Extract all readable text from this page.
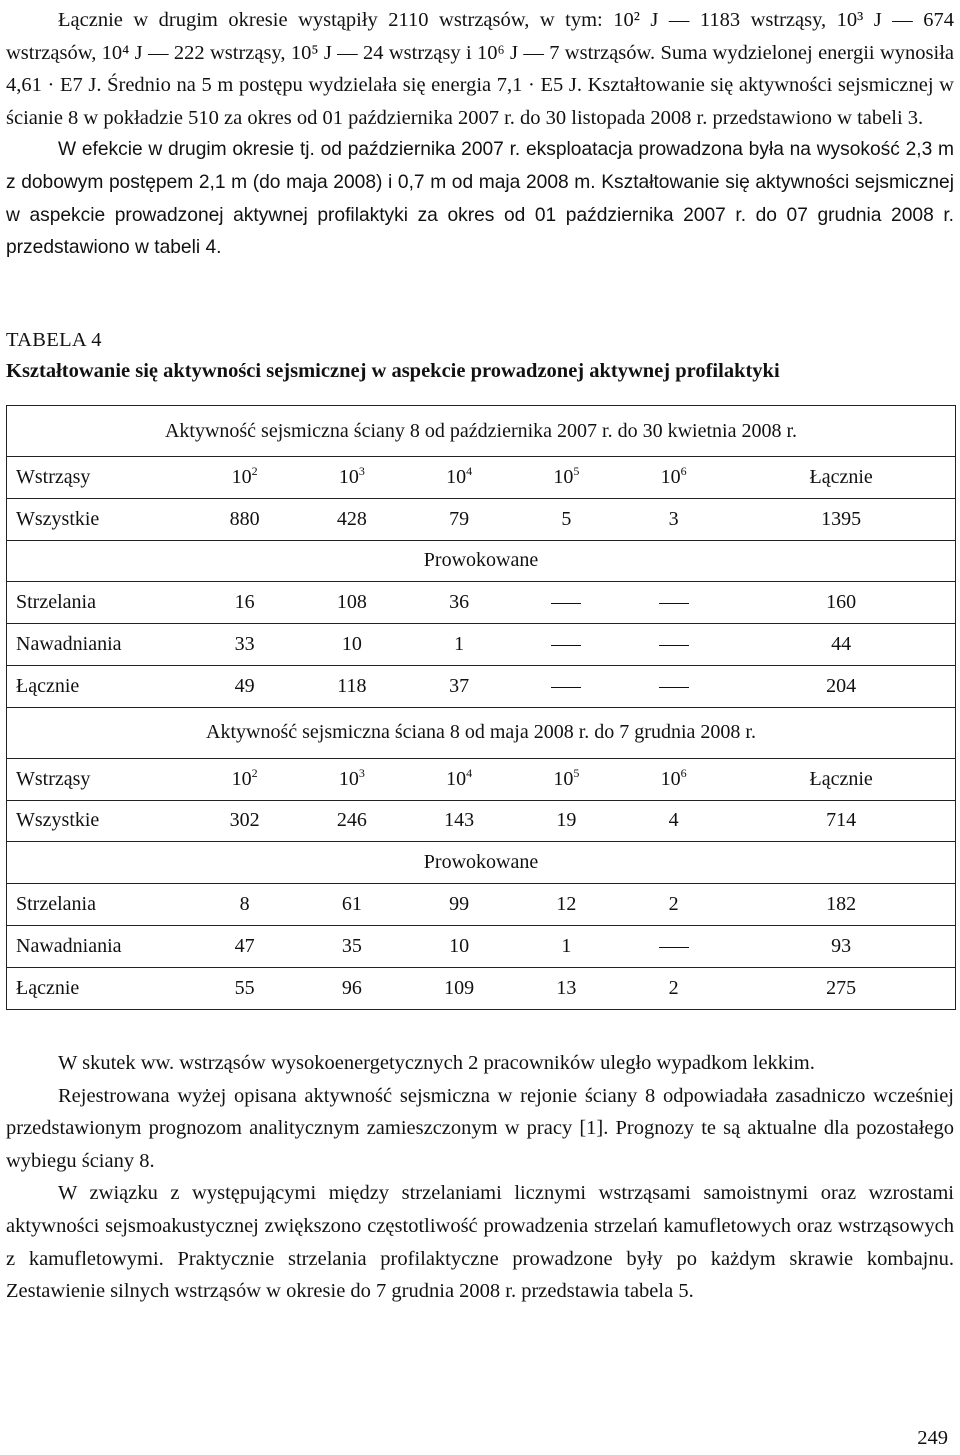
Łącznie w drugim okresie wystąpiły 2110 wstrząsów, w tym: 10² J — 1183 wstrząsy, 10³ J — 674 wstrząsów, 10⁴ J — 222 wstrząsy, 10⁵ J — 24 wstrząsy i 10⁶ J — 7 wstrząsów. Suma wydzielonej energii wynosiła 4,61 · E7 J. Średnio na 5 m postępu wydzielała się energia 7,1 · E5 J. Kształtowanie się aktywności sejsmicznej w ścianie 8 w pokładzie 510 za okres od 01 października 2007 r. do 30 listopada 2008 r. przedstawiono w tabeli 3.

W efekcie w drugim okresie tj. od października 2007 r. eksploatacja prowadzona była na wysokość 2,3 m z dobowym postępem 2,1 m (do maja 2008) i 0,7 m od maja 2008 m. Kształtowanie się aktywności sejsmicznej w aspekcie prowadzonej aktywnej profilaktyki za okres od 01 października 2007 r. do 07 grudnia 2008 r. przedstawiono w tabeli 4.

TABELA 4
Kształtowanie się aktywności sejsmicznej w aspekcie prowadzonej aktywnej profilaktyki
Aktywność sejsmiczna ściany 8 od października 2007 r. do 30 kwietnia 2008 r.						
Wstrząsy	$10^2$	$10^3$	$10^4$	$10^5$	$10^6$	Łącznie
Wszystkie	880	428	79	5	3	1395
Prowokowane						
Strzelania	16	108	36			160
Nawadniania	33	10	1			44
Łącznie	49	118	37			204
Aktywność sejsmiczna ściana 8 od maja 2008 r. do 7 grudnia 2008 r.						
Wstrząsy	$10^2$	$10^3$	$10^4$	$10^5$	$10^6$	Łącznie
Wszystkie	302	246	143	19	4	714
Prowokowane						
Strzelania	8	61	99	12	2	182
Nawadniania	47	35	10	1		93
Łącznie	55	96	109	13	2	275

W skutek ww. wstrząsów wysokoenergetycznych 2 pracowników uległo wypadkom lekkim.

Rejestrowana wyżej opisana aktywność sejsmiczna w rejonie ściany 8 odpowiadała zasadniczo wcześniej przedstawionym prognozom analitycznym zamieszczonym w pracy [1]. Prognozy te są aktualne dla pozostałego wybiegu ściany 8.

W związku z występującymi między strzelaniami licznymi wstrząsami samoistnymi oraz wzrostami aktywności sejsmoakustycznej zwiększono częstotliwość prowadzenia strzelań kamufletowych oraz wstrząsowych z kamufletowymi. Praktycznie strzelania profilaktyczne prowadzone były po każdym skrawie kombajnu. Zestawienie silnych wstrząsów w okresie do 7 grudnia 2008 r. przedstawia tabela 5.

249
